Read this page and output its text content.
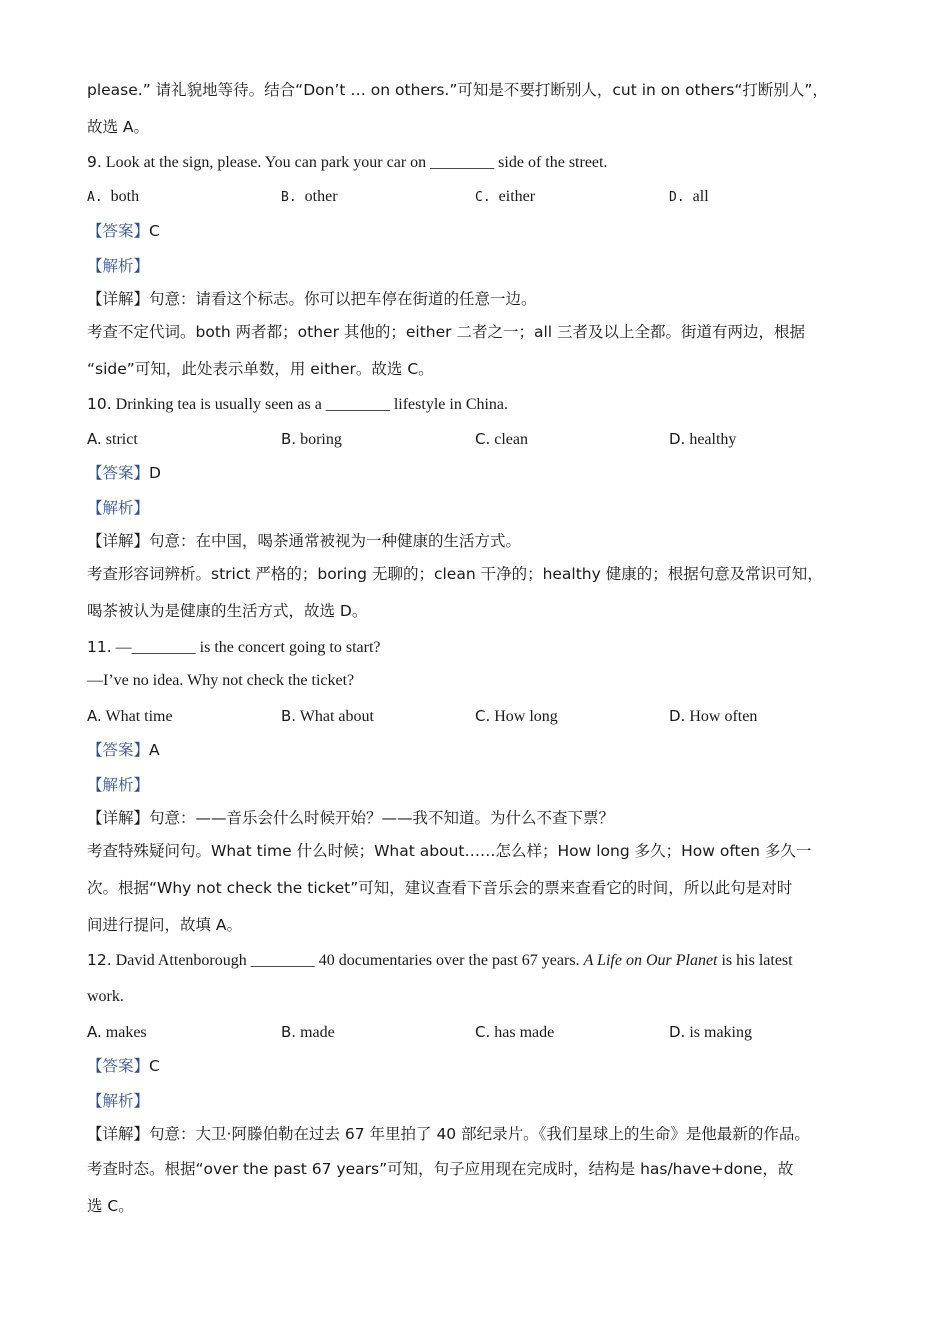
please.” 请礼貌地等待。结合“Don’t … on others.”可知是不要打断别人，cut in on others“打断别人”，
故选 A。
9. Look at the sign, please. You can park your car on ________ side of the street.
A. both	B. other	C. either	D. all
【答案】C
【解析】
【详解】句意：请看这个标志。你可以把车停在街道的任意一边。
考查不定代词。both 两者都；other 其他的；either 二者之一；all 三者及以上全都。街道有两边，根据
“side”可知，此处表示单数，用 either。故选 C。
10. Drinking tea is usually seen as a ________ lifestyle in China.
A. strict	B. boring	C. clean	D. healthy
【答案】D
【解析】
【详解】句意：在中国，喝茶通常被视为一种健康的生活方式。
考查形容词辨析。strict 严格的；boring 无聊的；clean 干净的；healthy 健康的；根据句意及常识可知，
喝茶被认为是健康的生活方式，故选 D。
11. —________ is the concert going to start?
—I’ve no idea. Why not check the ticket?
A. What time	B. What about	C. How long	D. How often
【答案】A
【解析】
【详解】句意：——音乐会什么时候开始？——我不知道。为什么不查下票？
考查特殊疑问句。What time 什么时候；What about……怎么样；How long 多久；How often 多久一
次。根据“Why not check the ticket”可知，建议查看下音乐会的票来查看它的时间，所以此句是对时
间进行提问，故填 A。
12. David Attenborough ________ 40 documentaries over the past 67 years. A Life on Our Planet is his latest
work.
A. makes	B. made	C. has made	D. is making
【答案】C
【解析】
【详解】句意：大卫·阿滕伯勒在过去 67 年里拍了 40 部纪录片。《我们星球上的生命》是他最新的作品。
考查时态。根据“over the past 67 years”可知，句子应用现在完成时，结构是 has/have+done，故
选 C。
